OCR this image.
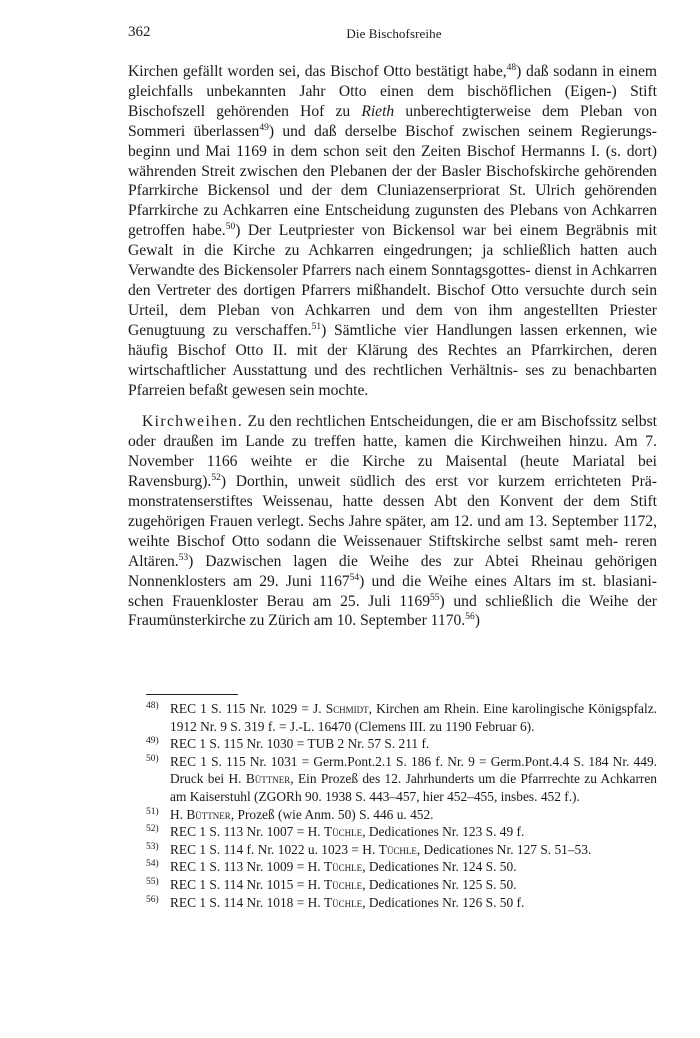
362	Die Bischofsreihe
Kirchen gefällt worden sei, das Bischof Otto bestätigt habe,$^{48}$) daß sodann in einem gleichfalls unbekannten Jahr Otto einen dem bischöflichen (Eigen-) Stift Bischofszell gehörenden Hof zu Rieth unberechtigterweise dem Pleban von Sommeri überlassen$^{49}$) und daß derselbe Bischof zwischen seinem Regierungs- beginn und Mai 1169 in dem schon seit den Zeiten Bischof Hermanns I. (s. dort) währenden Streit zwischen den Plebanen der der Basler Bischofskirche gehörenden Pfarrkirche Bickensol und der dem Cluniazenserpriorat St. Ulrich gehörenden Pfarrkirche zu Achkarren eine Entscheidung zugunsten des Plebans von Achkarren getroffen habe.$^{50}$) Der Leutpriester von Bickensol war bei einem Begräbnis mit Gewalt in die Kirche zu Achkarren eingedrungen; ja schließlich hatten auch Verwandte des Bickensoler Pfarrers nach einem Sonntagsgottes- dienst in Achkarren den Vertreter des dortigen Pfarrers mißhandelt. Bischof Otto versuchte durch sein Urteil, dem Pleban von Achkarren und dem von ihm angestellten Priester Genugtuung zu verschaffen.$^{51}$) Sämtliche vier Handlungen lassen erkennen, wie häufig Bischof Otto II. mit der Klärung des Rechtes an Pfarrkirchen, deren wirtschaftlicher Ausstattung und des rechtlichen Verhältnis- ses zu benachbarten Pfarreien befaßt gewesen sein mochte.
Kirchweihen. Zu den rechtlichen Entscheidungen, die er am Bischofssitz selbst oder draußen im Lande zu treffen hatte, kamen die Kirchweihen hinzu. Am 7. November 1166 weihte er die Kirche zu Maisental (heute Mariatal bei Ravensburg).$^{52}$) Dorthin, unweit südlich des erst vor kurzem errichteten Prä- monstratenserstiftes Weissenau, hatte dessen Abt den Konvent der dem Stift zugehörigen Frauen verlegt. Sechs Jahre später, am 12. und am 13. September 1172, weihte Bischof Otto sodann die Weissenauer Stiftskirche selbst samt meh- reren Altären.$^{53}$) Dazwischen lagen die Weihe des zur Abtei Rheinau gehörigen Nonnenklosters am 29. Juni 1167$^{54}$) und die Weihe eines Altars im st. blasiani- schen Frauenkloster Berau am 25. Juli 1169$^{55}$) und schließlich die Weihe der Fraumünsterkirche zu Zürich am 10. September 1170.56)
48) REC 1 S. 115 Nr. 1029 = J. Schmidt, Kirchen am Rhein. Eine karolingische Königspfalz. 1912 Nr. 9 S. 319 f. = J.-L. 16470 (Clemens III. zu 1190 Februar 6).
49) REC 1 S. 115 Nr. 1030 = TUB 2 Nr. 57 S. 211 f.
50) REC 1 S. 115 Nr. 1031 = Germ.Pont.2.1 S. 186 f. Nr. 9 = Germ.Pont.4.4 S. 184 Nr. 449. Druck bei H. Büttner, Ein Prozeß des 12. Jahrhunderts um die Pfarrrechte zu Achkarren am Kaiserstuhl (ZGORh 90. 1938 S. 443–457, hier 452–455, insbes. 452 f.).
51) H. Büttner, Prozeß (wie Anm. 50) S. 446 u. 452.
52) REC 1 S. 113 Nr. 1007 = H. Tüchle, Dedicationes Nr. 123 S. 49 f.
53) REC 1 S. 114 f. Nr. 1022 u. 1023 = H. Tüchle, Dedicationes Nr. 127 S. 51–53.
54) REC 1 S. 113 Nr. 1009 = H. Tüchle, Dedicationes Nr. 124 S. 50.
55) REC 1 S. 114 Nr. 1015 = H. Tüchle, Dedicationes Nr. 125 S. 50.
56) REC 1 S. 114 Nr. 1018 = H. Tüchle, Dedicationes Nr. 126 S. 50 f.
